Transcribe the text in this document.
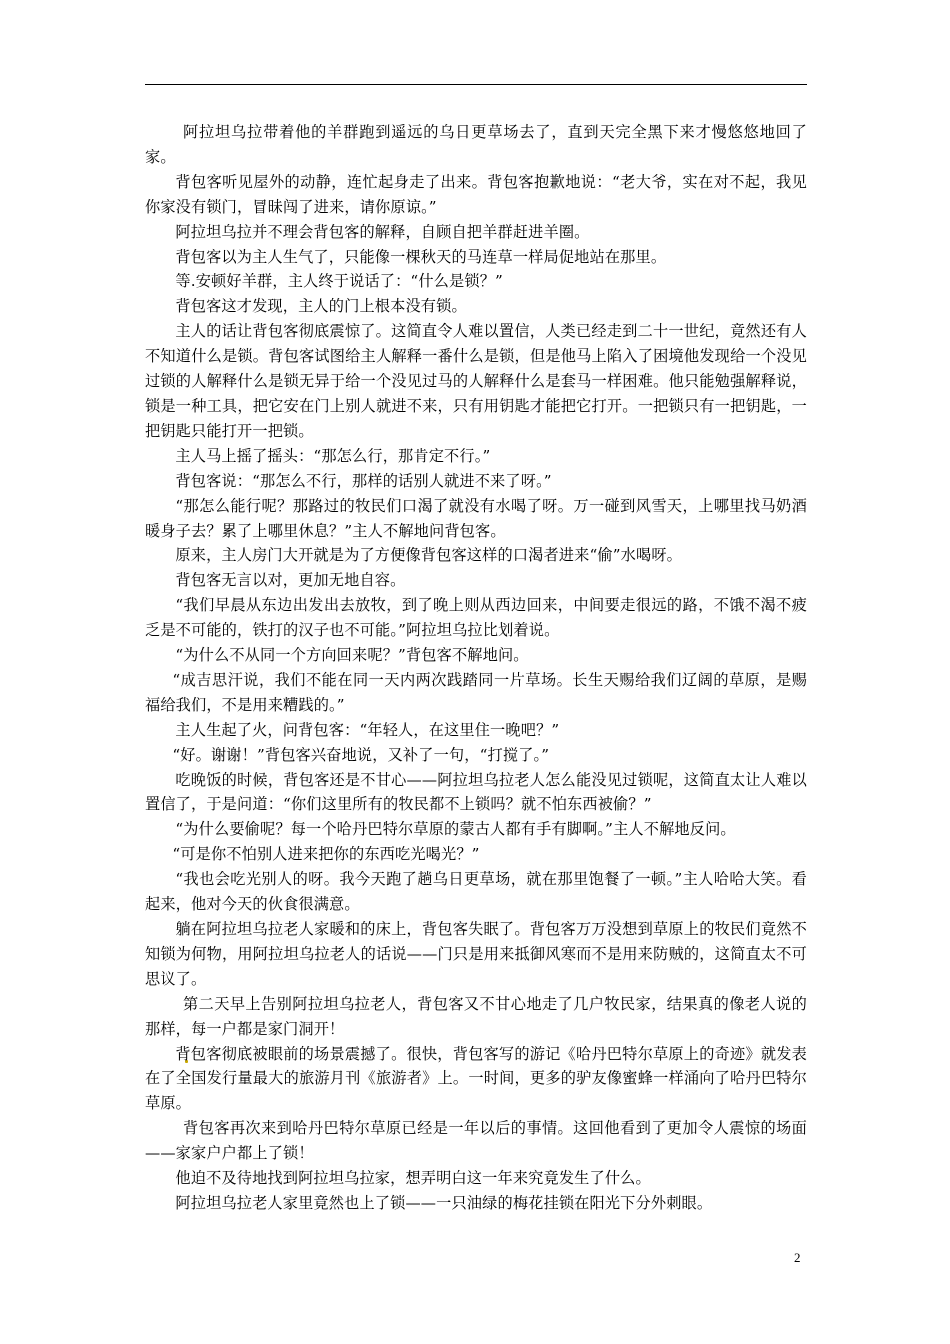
阿拉坦乌拉带着他的羊群跑到遥远的乌日更草场去了，直到天完全黑下来才慢悠悠地回了家。

背包客听见屋外的动静，连忙起身走了出来。背包客抱歉地说：“老大爷，实在对不起，我见你家没有锁门，冒昧闯了进来，请你原谅。”

阿拉坦乌拉并不理会背包客的解释，自顾自把羊群赶进羊圈。

背包客以为主人生气了，只能像一棵秋天的马连草一样局促地站在那里。

等.安顿好羊群，主人终于说话了：“什么是锁？”

背包客这才发现，主人的门上根本没有锁。

主人的话让背包客彻底震惊了。这简直令人难以置信，人类已经走到二十一世纪，竟然还有人不知道什么是锁。背包客试图给主人解释一番什么是锁，但是他马上陷入了困境他发现给一个没见过锁的人解释什么是锁无异于给一个没见过马的人解释什么是套马一样困难。他只能勉强解释说，锁是一种工具，把它安在门上别人就进不来，只有用钥匙才能把它打开。一把锁只有一把钥匙，一把钥匙只能打开一把锁。

主人马上摇了摇头：“那怎么行，那肯定不行。”

背包客说：“那怎么不行，那样的话别人就进不来了呀。”

“那怎么能行呢？那路过的牧民们口渴了就没有水喝了呀。万一碰到风雪天，上哪里找马奶酒暖身子去？累了上哪里休息？”主人不解地问背包客。

原来，主人房门大开就是为了方便像背包客这样的口渴者进来“偷”水喝呀。

背包客无言以对，更加无地自容。

“我们早晨从东边出发出去放牧，到了晚上则从西边回来，中间要走很远的路，不饿不渴不疲乏是不可能的，铁打的汉子也不可能。”阿拉坦乌拉比划着说。

“为什么不从同一个方向回来呢？”背包客不解地问。

“成吉思汗说，我们不能在同一天内两次践踏同一片草场。长生天赐给我们辽阔的草原，是赐福给我们，不是用来糟践的。”

主人生起了火，问背包客：“年轻人，在这里住一晚吧？”

“好。谢谢！”背包客兴奋地说，又补了一句，“打搅了。”

吃晚饭的时候，背包客还是不甘心——阿拉坦乌拉老人怎么能没见过锁呢，这简直太让人难以置信了，于是问道：“你们这里所有的牧民都不上锁吗？就不怕东西被偷？”

“为什么要偷呢？每一个哈丹巴特尔草原的蒙古人都有手有脚啊。”主人不解地反问。

“可是你不怕别人进来把你的东西吃光喝光？”

“我也会吃光别人的呀。我今天跑了趟乌日更草场，就在那里饱餐了一顿。”主人哈哈大笑。看起来，他对今天的伙食很满意。

躺在阿拉坦乌拉老人家暖和的床上，背包客失眠了。背包客万万没想到草原上的牧民们竟然不知锁为何物，用阿拉坦乌拉老人的话说——门只是用来抵御风寒而不是用来防贼的，这简直太不可思议了。

第二天早上告别阿拉坦乌拉老人，背包客又不甘心地走了几户牧民家，结果真的像老人说的那样，每一户都是家门洞开！

背包客彻底被眼前的场景震撼了。很快，背包客写的游记《哈丹巴特尔草原上的奇迹》就发表在了全国发行量最大的旅游月刊《旅游者》上。一时间，更多的驴友像蜜蜂一样涌向了哈丹巴特尔草原。

背包客再次来到哈丹巴特尔草原已经是一年以后的事情。这回他看到了更加令人震惊的场面——家家户户都上了锁！

他迫不及待地找到阿拉坦乌拉家，想弄明白这一年来究竟发生了什么。

阿拉坦乌拉老人家里竟然也上了锁——一只油绿的梅花挂锁在阳光下分外刺眼。

2
